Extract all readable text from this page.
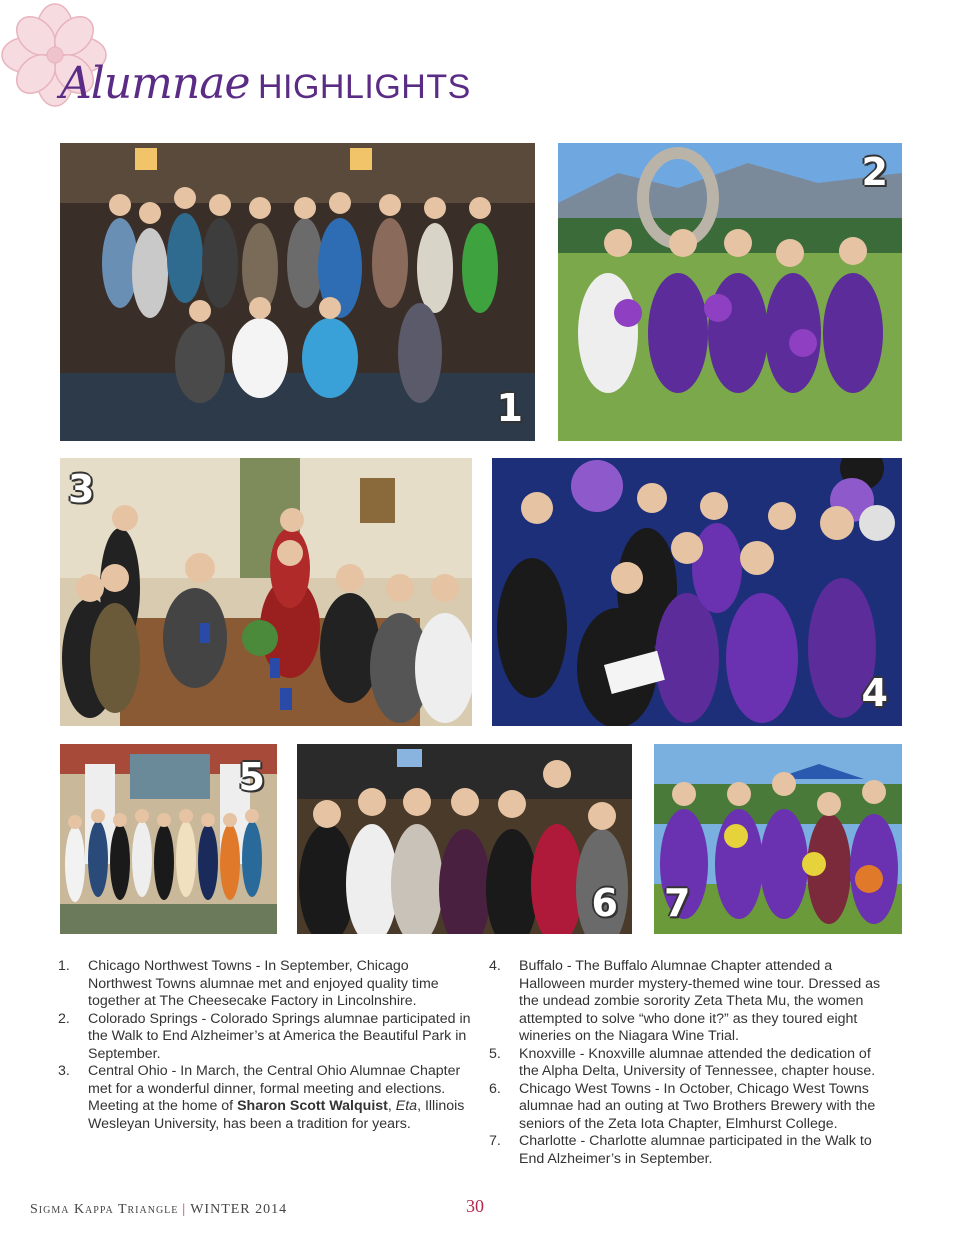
Alumnae HIGHLIGHTS
1
2
3
4
5
6 7
1. Chicago Northwest Towns - In September, Chicago Northwest Towns alumnae met and enjoyed quality time together at The Cheesecake Factory in Lincolnshire.
2. Colorado Springs - Colorado Springs alumnae participated in the Walk to End Alzheimer’s at America the Beautiful Park in September.
3. Central Ohio - In March, the Central Ohio Alumnae Chapter met for a wonderful dinner, formal meeting and elections. Meeting at the home of Sharon Scott Walquist, Eta, Illinois Wesleyan University, has been a tradition for years.
4. Buffalo - The Buffalo Alumnae Chapter attended a Halloween murder mystery-themed wine tour. Dressed as the undead zombie sorority Zeta Theta Mu, the women attempted to solve “who done it?” as they toured eight wineries on the Niagara Wine Trial.
5. Knoxville - Knoxville alumnae attended the dedication of the Alpha Delta, University of Tennessee, chapter house.
6. Chicago West Towns - In October, Chicago West Towns alumnae had an outing at Two Brothers Brewery with the seniors of the Zeta Iota Chapter, Elmhurst College.
7. Charlotte - Charlotte alumnae participated in the Walk to End Alzheimer’s in September.
Sigma Kappa Triangle | WINTER 2014	30
